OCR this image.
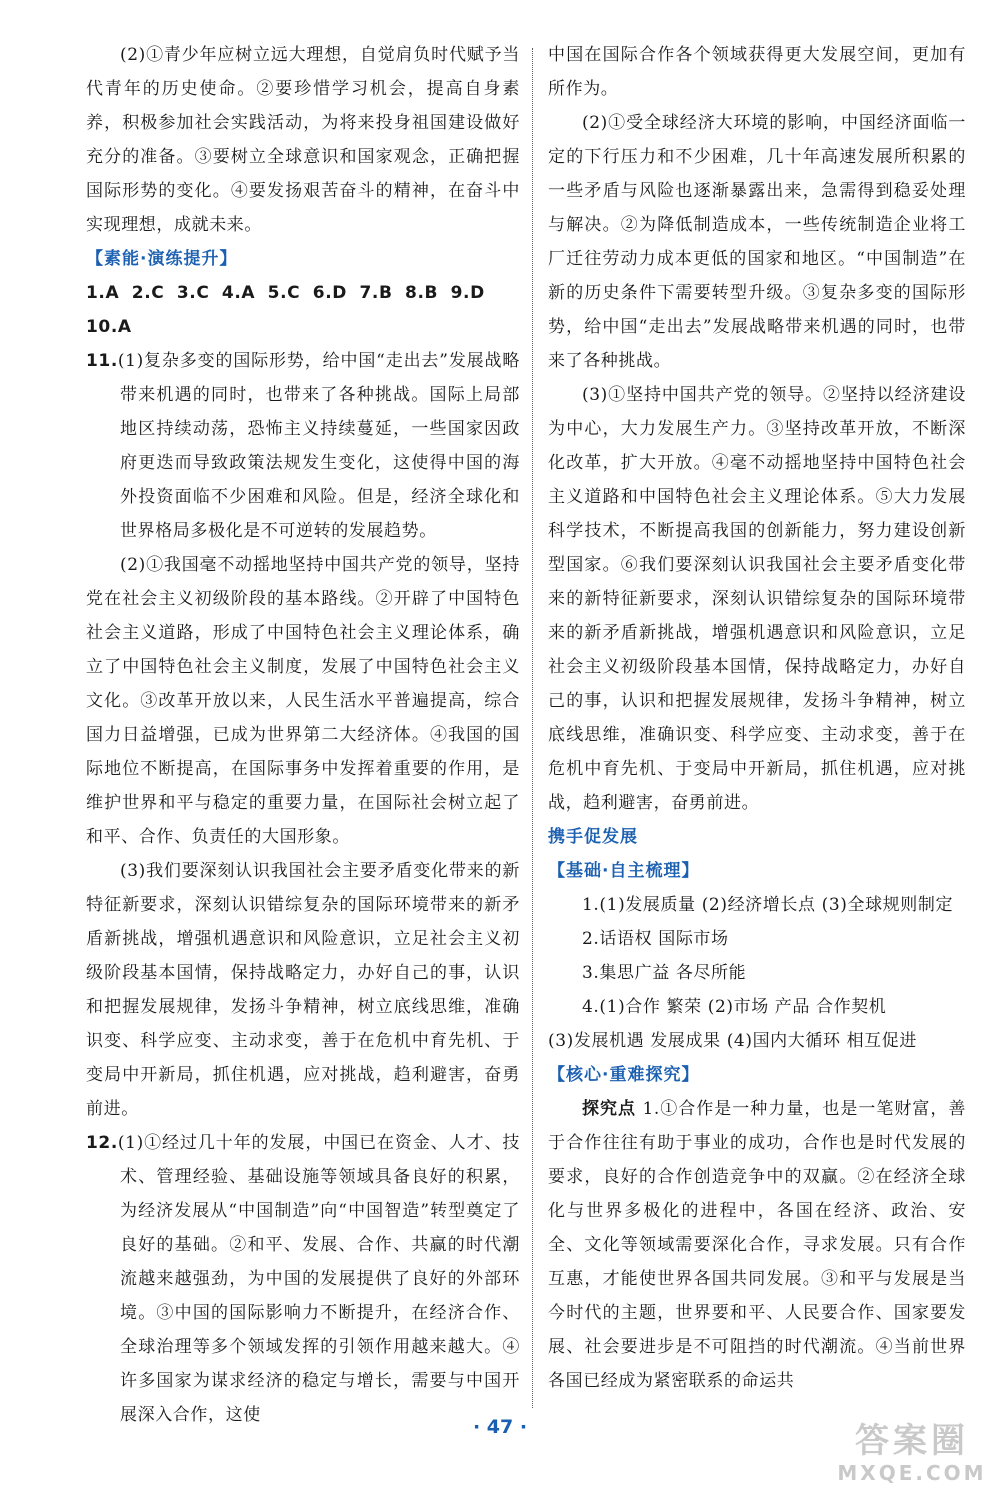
(2)①青少年应树立远大理想，自觉肩负时代赋予当代青年的历史使命。②要珍惜学习机会，提高自身素养，积极参加社会实践活动，为将来投身祖国建设做好充分的准备。③要树立全球意识和国家观念，正确把握国际形势的变化。④要发扬艰苦奋斗的精神，在奋斗中实现理想，成就未来。

【素能·演练提升】

1.A 2.C 3.C 4.A 5.C 6.D 7.B 8.B 9.D

10.A

11.(1)复杂多变的国际形势，给中国“走出去”发展战略带来机遇的同时，也带来了各种挑战。国际上局部地区持续动荡，恐怖主义持续蔓延，一些国家因政府更迭而导致政策法规发生变化，这使得中国的海外投资面临不少困难和风险。但是，经济全球化和世界格局多极化是不可逆转的发展趋势。

(2)①我国毫不动摇地坚持中国共产党的领导，坚持党在社会主义初级阶段的基本路线。②开辟了中国特色社会主义道路，形成了中国特色社会主义理论体系，确立了中国特色社会主义制度，发展了中国特色社会主义文化。③改革开放以来，人民生活水平普遍提高，综合国力日益增强，已成为世界第二大经济体。④我国的国际地位不断提高，在国际事务中发挥着重要的作用，是维护世界和平与稳定的重要力量，在国际社会树立起了和平、合作、负责任的大国形象。

(3)我们要深刻认识我国社会主要矛盾变化带来的新特征新要求，深刻认识错综复杂的国际环境带来的新矛盾新挑战，增强机遇意识和风险意识，立足社会主义初级阶段基本国情，保持战略定力，办好自己的事，认识和把握发展规律，发扬斗争精神，树立底线思维，准确识变、科学应变、主动求变，善于在危机中育先机、于变局中开新局，抓住机遇，应对挑战，趋利避害，奋勇前进。

12.(1)①经过几十年的发展，中国已在资金、人才、技术、管理经验、基础设施等领域具备良好的积累，为经济发展从“中国制造”向“中国智造”转型奠定了良好的基础。②和平、发展、合作、共赢的时代潮流越来越强劲，为中国的发展提供了良好的外部环境。③中国的国际影响力不断提升，在经济合作、全球治理等多个领域发挥的引领作用越来越大。④许多国家为谋求经济的稳定与增长，需要与中国开展深入合作，这使

中国在国际合作各个领域获得更大发展空间，更加有所作为。

(2)①受全球经济大环境的影响，中国经济面临一定的下行压力和不少困难，几十年高速发展所积累的一些矛盾与风险也逐渐暴露出来，急需得到稳妥处理与解决。②为降低制造成本，一些传统制造企业将工厂迁往劳动力成本更低的国家和地区。“中国制造”在新的历史条件下需要转型升级。③复杂多变的国际形势，给中国“走出去”发展战略带来机遇的同时，也带来了各种挑战。

(3)①坚持中国共产党的领导。②坚持以经济建设为中心，大力发展生产力。③坚持改革开放，不断深化改革，扩大开放。④毫不动摇地坚持中国特色社会主义道路和中国特色社会主义理论体系。⑤大力发展科学技术，不断提高我国的创新能力，努力建设创新型国家。⑥我们要深刻认识我国社会主要矛盾变化带来的新特征新要求，深刻认识错综复杂的国际环境带来的新矛盾新挑战，增强机遇意识和风险意识，立足社会主义初级阶段基本国情，保持战略定力，办好自己的事，认识和把握发展规律，发扬斗争精神，树立底线思维，准确识变、科学应变、主动求变，善于在危机中育先机、于变局中开新局，抓住机遇，应对挑战，趋利避害，奋勇前进。

携手促发展

【基础·自主梳理】

1.(1)发展质量 (2)经济增长点 (3)全球规则制定

2.话语权 国际市场

3.集思广益 各尽所能

4.(1)合作 繁荣 (2)市场 产品 合作契机

(3)发展机遇 发展成果 (4)国内大循环 相互促进

【核心·重难探究】

探究点 1.①合作是一种力量，也是一笔财富，善于合作往往有助于事业的成功，合作也是时代发展的要求，良好的合作创造竞争中的双赢。②在经济全球化与世界多极化的进程中，各国在经济、政治、安全、文化等领域需要深化合作，寻求发展。只有合作互惠，才能使世界各国共同发展。③和平与发展是当今时代的主题，世界要和平、人民要合作、国家要发展、社会要进步是不可阻挡的时代潮流。④当前世界各国已经成为紧密联系的命运共

· 47 ·	答案圈
MXQE.COM
